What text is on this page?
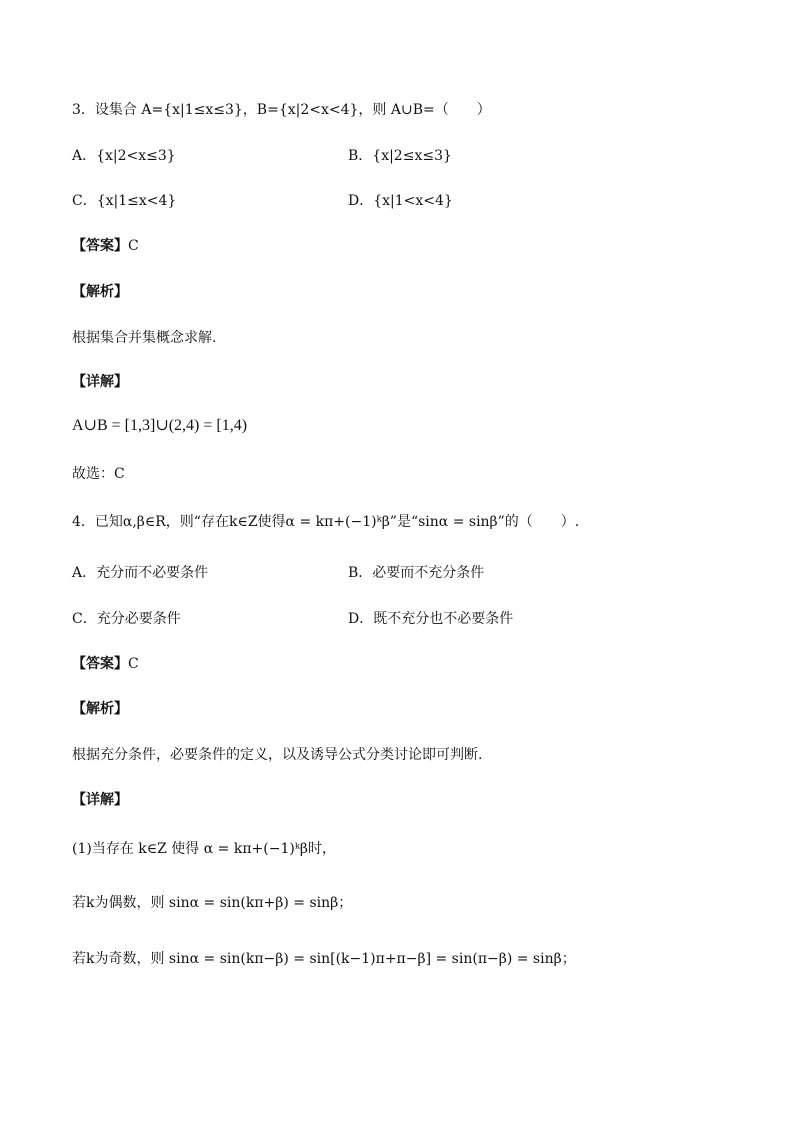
3．设集合 A={x|1≤x≤3}，B={x|2<x<4}，则 A∪B=（　　）
A．{x|2<x≤3}	B．{x|2≤x≤3}
C．{x|1≤x<4}	D．{x|1<x<4}
【答案】C
【解析】
根据集合并集概念求解.
【详解】
A∪B = [1,3]∪(2,4) = [1,4)
故选：C
4．已知α,β∈R，则“存在k∈Z使得α = kπ+(−1)ᵏβ”是“sinα = sinβ”的（　　）.
A．充分而不必要条件	B．必要而不充分条件
C．充分必要条件	D．既不充分也不必要条件
【答案】C
【解析】
根据充分条件，必要条件的定义，以及诱导公式分类讨论即可判断.
【详解】
(1)当存在 k∈Z 使得 α = kπ+(−1)ᵏβ时，
若k为偶数，则 sinα = sin(kπ+β) = sinβ；
若k为奇数，则 sinα = sin(kπ−β) = sin[(k−1)π+π−β] = sin(π−β) = sinβ；
